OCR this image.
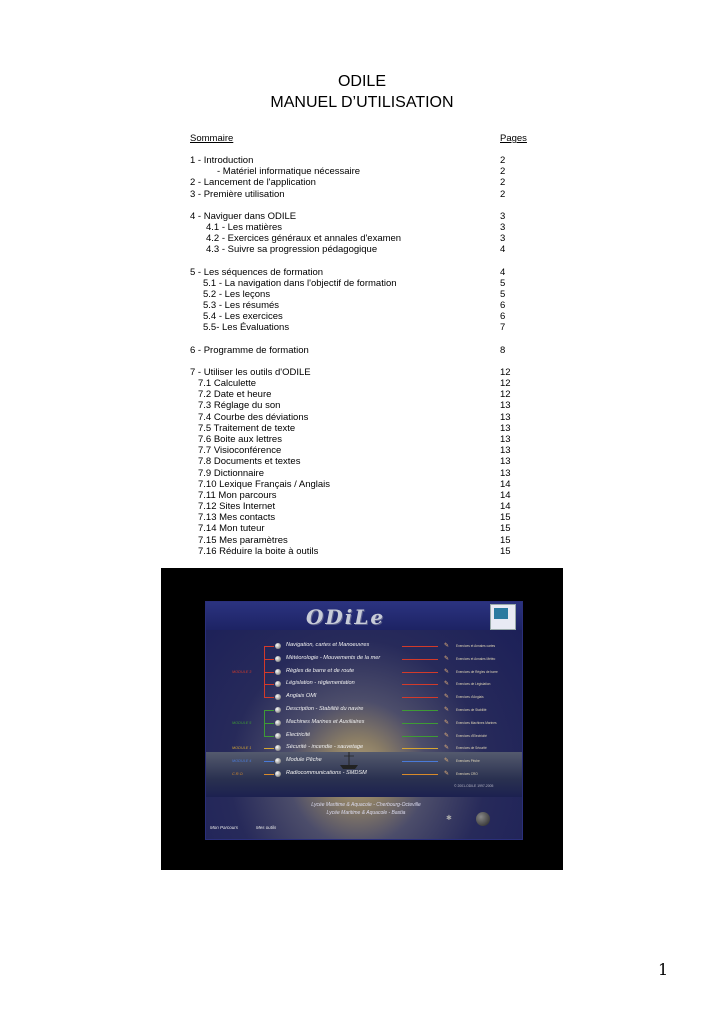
ODILE
MANUEL D’UTILISATION
Sommaire	Pages
1 - Introduction	2
- Matériel informatique nécessaire	2
2 - Lancement de l'application	2
3 - Première utilisation	2
4 - Naviguer dans ODILE	3
4.1 - Les matières	3
4.2 - Exercices généraux et annales d'examen	3
4.3 - Suivre sa progression pédagogique	4
5 - Les séquences de formation	4
5.1 - La navigation dans l'objectif de formation	5
5.2 - Les leçons	5
5.3 - Les résumés	6
5.4 - Les exercices	6
5.5- Les Évaluations	7
6 - Programme de formation	8
7 - Utiliser les outils d'ODILE	12
7.1 Calculette	12
7.2 Date et heure	12
7.3 Réglage du son	13
7.4 Courbe des déviations	13
7.5 Traitement de texte	13
7.6 Boite aux lettres	13
7.7 Visioconférence	13
7.8 Documents et textes	13
7.9 Dictionnaire	13
7.10 Lexique Français / Anglais	14
7.11 Mon parcours	14
7.12 Sites Internet	14
7.13 Mes contacts	15
7.14 Mon tuteur	15
7.15 Mes paramètres	15
7.16 Réduire la boite à outils	15
ODiLe
Navigation, cartes et Manoeuvres	✎	Exercices et Annales cartes
Météorologie - Mouvements de la mer	✎	Exercices et Annales Météo
Règles de barre et de route	✎	Exercices de Règles de barre
Législation - réglementation	✎	Exercices de Législation
Anglais OMI	✎	Exercices d'Anglais
Description - Stabilité du navire	✎	Exercices de Stabilité
Machines Marines et Auxiliaires	✎	Exercices Machines Marines
Electricité	✎	Exercices d'Electricité
Sécurité - incendie - sauvetage	✎	Exercices de Sécurité
Module Pêche	✎	Exercices Pêche
Radiocommunications - SMDSM	✎	Exercices CRO
MODULE 3
MODULE 5
MODULE 1
MODULE 4
C.R.O.
Lycée Maritime & Aquacole - Cherbourg-Octeville
Lycée Maritime & Aquacole - Bastia
© 2001-ODILE 1997-2005
Mon Parcours	Mes outils
✱
1
